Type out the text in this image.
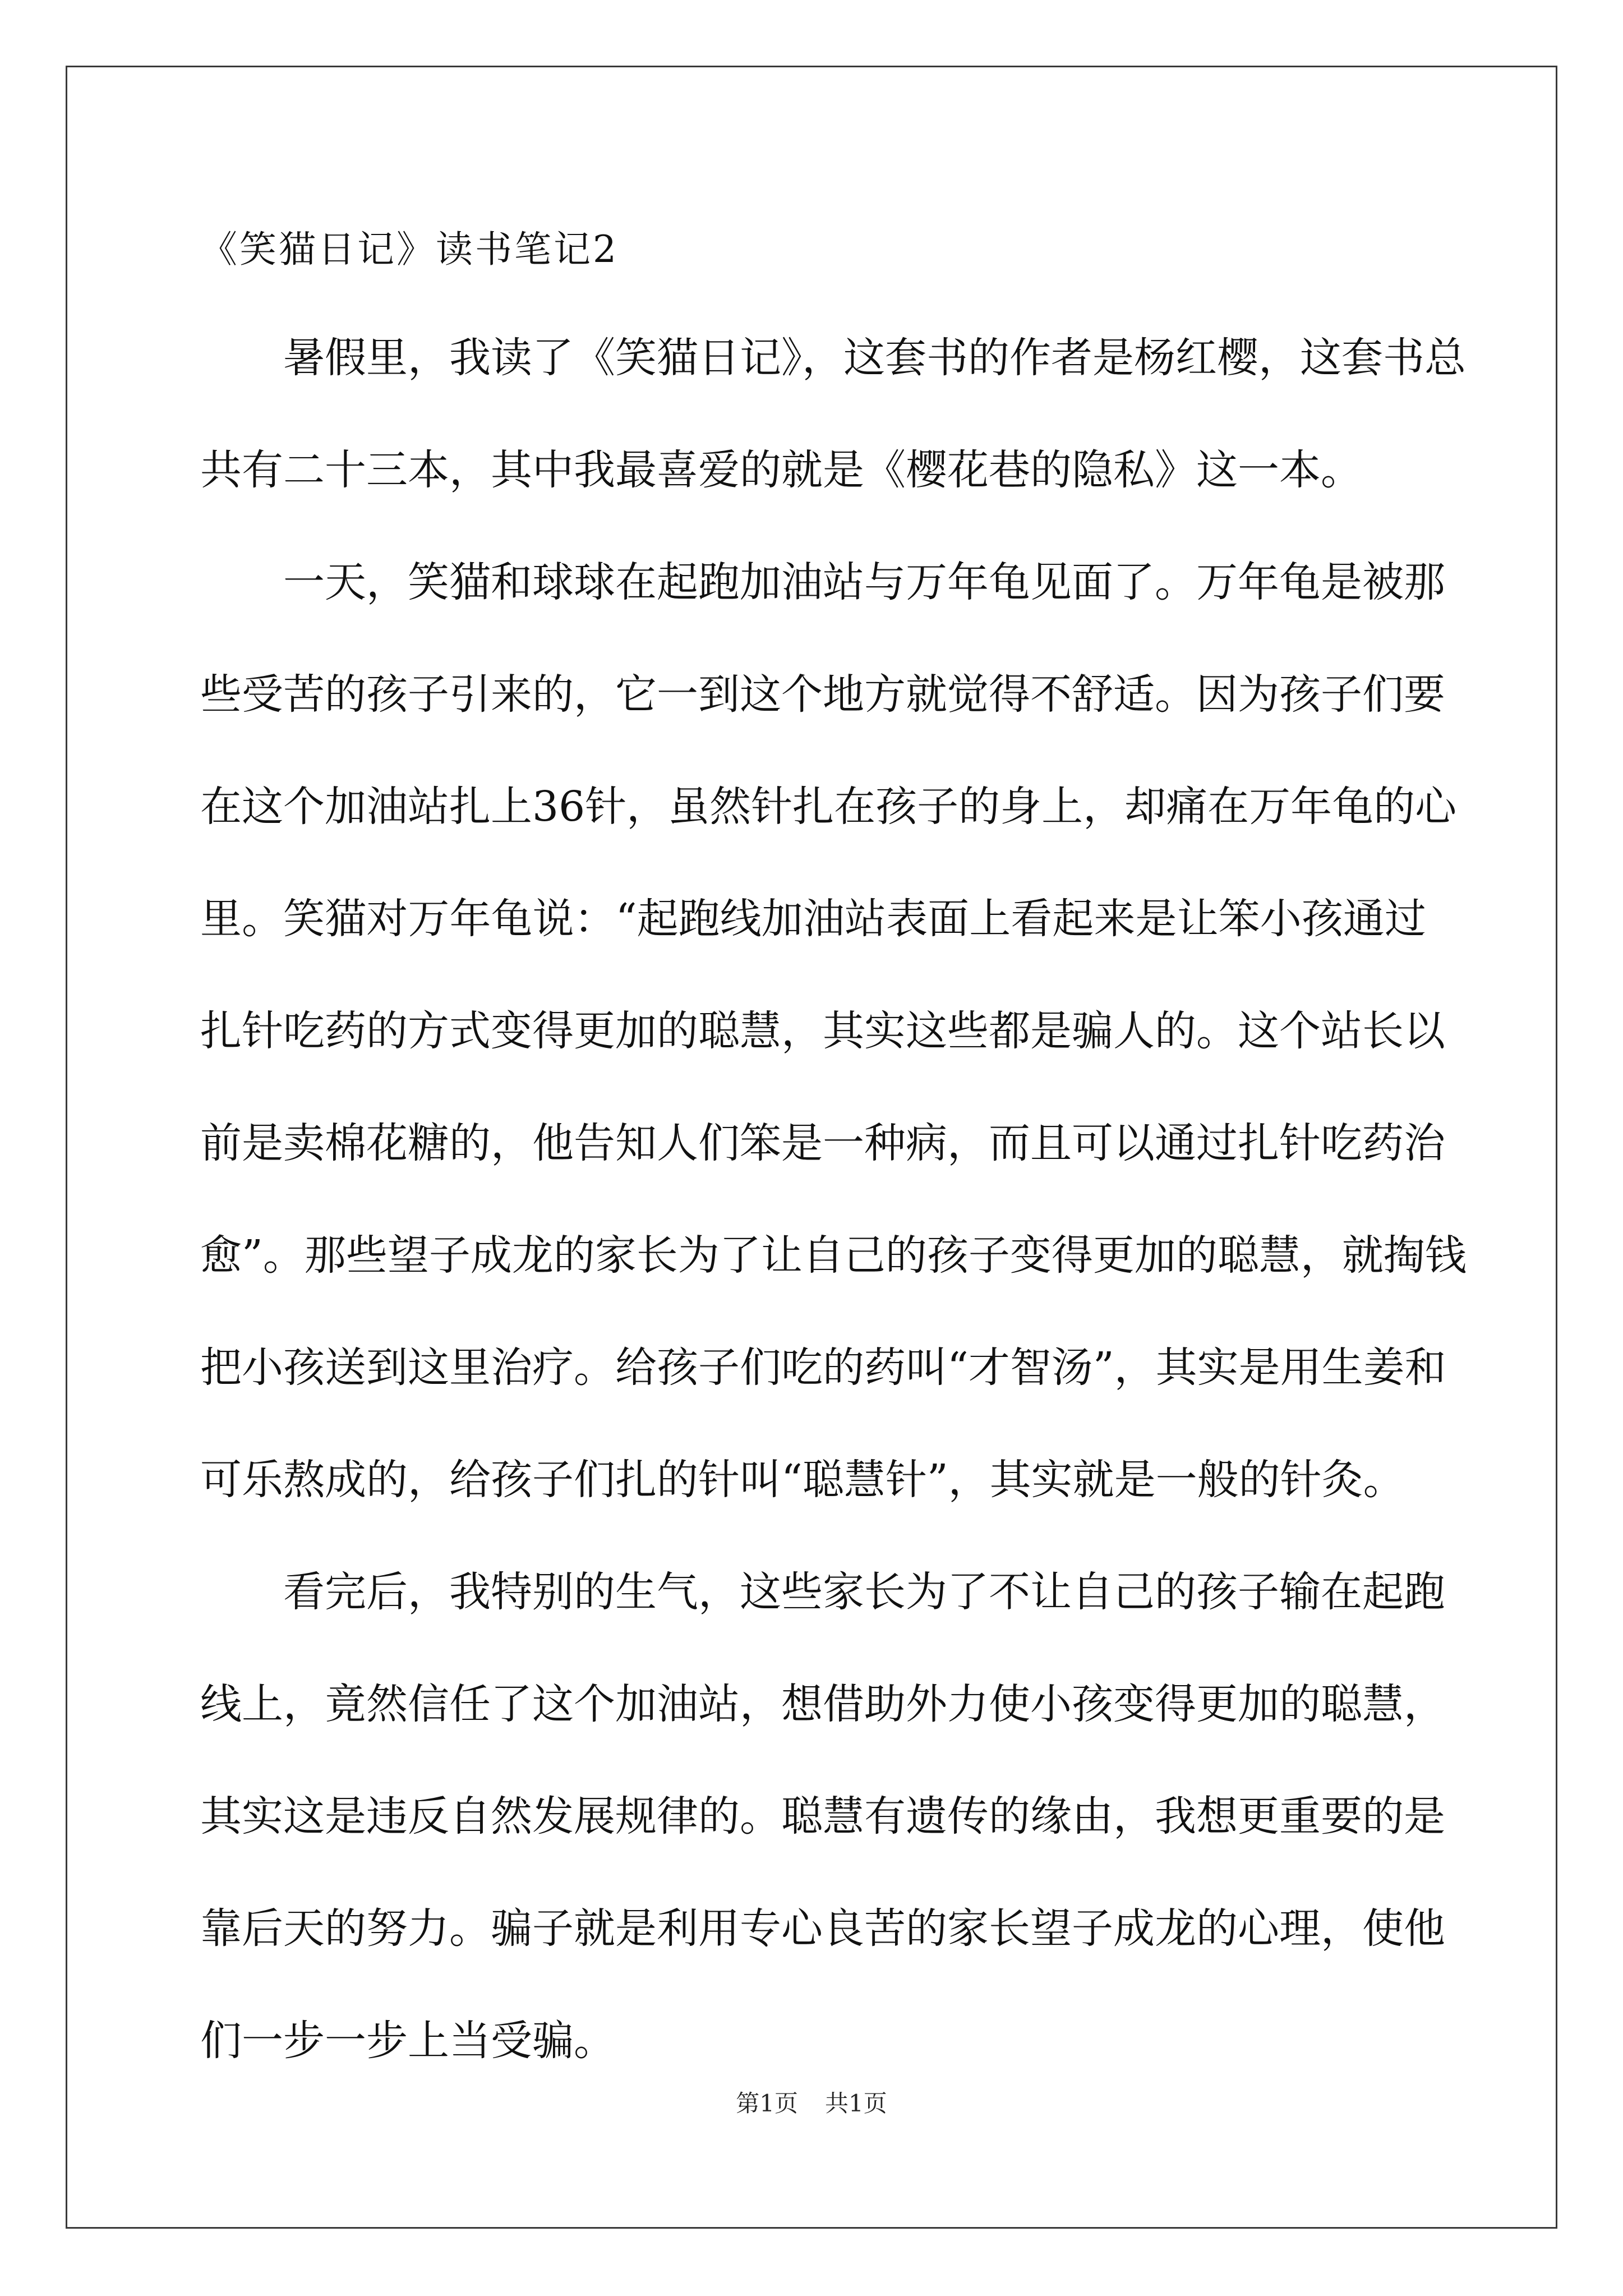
《笑猫日记》读书笔记2
暑假里，我读了《笑猫日记》，这套书的作者是杨红樱，这套书总
共有二十三本，其中我最喜爱的就是《樱花巷的隐私》这一本。
一天，笑猫和球球在起跑加油站与万年龟见面了。万年龟是被那
些受苦的孩子引来的，它一到这个地方就觉得不舒适。因为孩子们要
在这个加油站扎上36针，虽然针扎在孩子的身上，却痛在万年龟的心
里。笑猫对万年龟说：“起跑线加油站表面上看起来是让笨小孩通过
扎针吃药的方式变得更加的聪慧，其实这些都是骗人的。这个站长以
前是卖棉花糖的，他告知人们笨是一种病，而且可以通过扎针吃药治
愈”。那些望子成龙的家长为了让自己的孩子变得更加的聪慧，就掏钱
把小孩送到这里治疗。给孩子们吃的药叫“才智汤”，其实是用生姜和
可乐熬成的，给孩子们扎的针叫“聪慧针”，其实就是一般的针灸。
看完后，我特别的生气，这些家长为了不让自己的孩子输在起跑
线上，竟然信任了这个加油站，想借助外力使小孩变得更加的聪慧，
其实这是违反自然发展规律的。聪慧有遗传的缘由，我想更重要的是
靠后天的努力。骗子就是利用专心良苦的家长望子成龙的心理，使他
们一步一步上当受骗。
第1页 共1页
